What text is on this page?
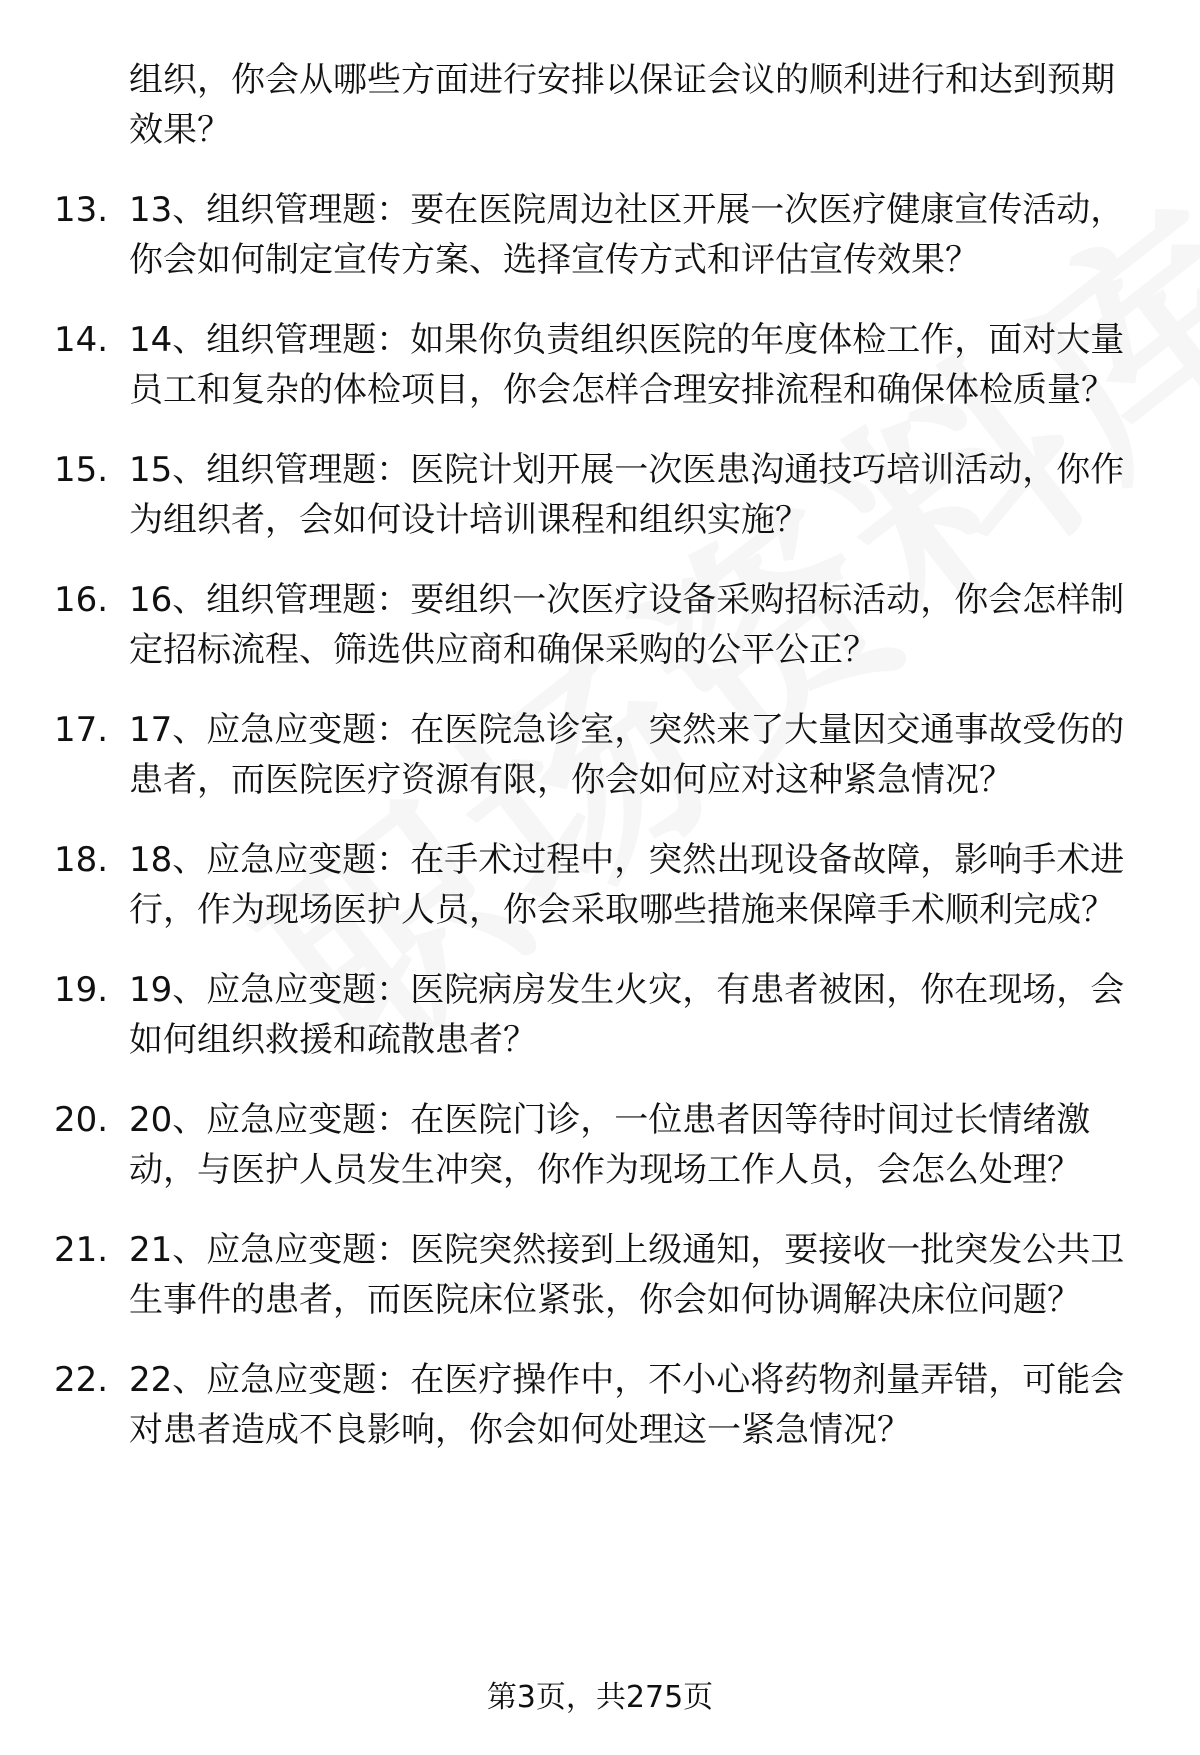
组织，你会从哪些方面进行安排以保证会议的顺利进行和达到预期效果？
13. 13、组织管理题：要在医院周边社区开展一次医疗健康宣传活动，你会如何制定宣传方案、选择宣传方式和评估宣传效果？
14. 14、组织管理题：如果你负责组织医院的年度体检工作，面对大量员工和复杂的体检项目，你会怎样合理安排流程和确保体检质量？
15. 15、组织管理题：医院计划开展一次医患沟通技巧培训活动，你作为组织者，会如何设计培训课程和组织实施？
16. 16、组织管理题：要组织一次医疗设备采购招标活动，你会怎样制定招标流程、筛选供应商和确保采购的公平公正？
17. 17、应急应变题：在医院急诊室，突然来了大量因交通事故受伤的患者，而医院医疗资源有限，你会如何应对这种紧急情况？
18. 18、应急应变题：在手术过程中，突然出现设备故障，影响手术进行，作为现场医护人员，你会采取哪些措施来保障手术顺利完成？
19. 19、应急应变题：医院病房发生火灾，有患者被困，你在现场，会如何组织救援和疏散患者？
20. 20、应急应变题：在医院门诊，一位患者因等待时间过长情绪激动，与医护人员发生冲突，你作为现场工作人员，会怎么处理？
21. 21、应急应变题：医院突然接到上级通知，要接收一批突发公共卫生事件的患者，而医院床位紧张，你会如何协调解决床位问题？
22. 22、应急应变题：在医疗操作中，不小心将药物剂量弄错，可能会对患者造成不良影响，你会如何处理这一紧急情况？
第3页，共275页
